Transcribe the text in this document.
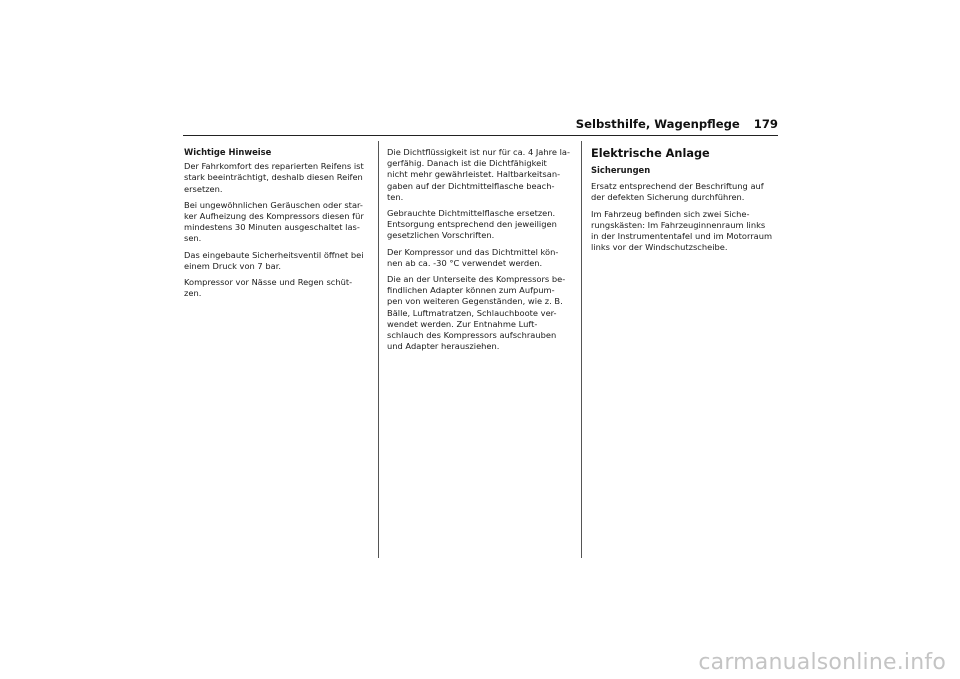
Selbsthilfe, Wagenpflege 179

Wichtige Hinweise

Der Fahrkomfort des reparierten Reifens ist
stark beeinträchtigt, deshalb diesen Reifen
ersetzen.

Bei ungewöhnlichen Geräuschen oder star-
ker Aufheizung des Kompressors diesen für
mindestens 30 Minuten ausgeschaltet las-
sen.

Das eingebaute Sicherheitsventil öffnet bei
einem Druck von 7 bar.

Kompressor vor Nässe und Regen schüt-
zen.

Die Dichtflüssigkeit ist nur für ca. 4 Jahre la-
gerfähig. Danach ist die Dichtfähigkeit
nicht mehr gewährleistet. Haltbarkeitsan-
gaben auf der Dichtmittelflasche beach-
ten.

Gebrauchte Dichtmittelflasche ersetzen.
Entsorgung entsprechend den jeweiligen
gesetzlichen Vorschriften.

Der Kompressor und das Dichtmittel kön-
nen ab ca. -30 °C verwendet werden.

Die an der Unterseite des Kompressors be-
findlichen Adapter können zum Aufpum-
pen von weiteren Gegenständen, wie z. B.
Bälle, Luftmatratzen, Schlauchboote ver-
wendet werden. Zur Entnahme Luft-
schlauch des Kompressors aufschrauben
und Adapter herausziehen.

Elektrische Anlage

Sicherungen

Ersatz entsprechend der Beschriftung auf
der defekten Sicherung durchführen.

Im Fahrzeug befinden sich zwei Siche-
rungskästen: Im Fahrzeuginnenraum links
in der Instrumententafel und im Motorraum
links vor der Windschutzscheibe.

carmanualsonline.info
